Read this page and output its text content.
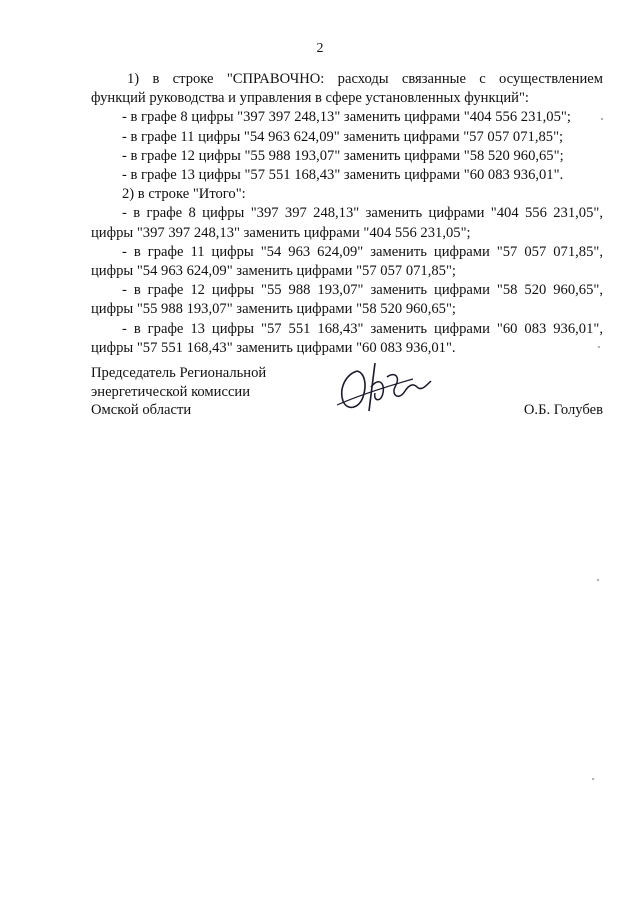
2
1) в строке "СПРАВОЧНО: расходы связанные с осуществлением
функций руководства и управления в сфере установленных функций":
- в графе 8 цифры "397 397 248,13" заменить цифрами "404 556 231,05";
- в графе 11 цифры "54 963 624,09" заменить цифрами "57 057 071,85";
- в графе 12 цифры "55 988 193,07" заменить цифрами "58 520 960,65";
- в графе 13 цифры "57 551 168,43" заменить цифрами "60 083 936,01".
2) в строке "Итого":
- в графе 8 цифры "397 397 248,13" заменить цифрами "404 556 231,05",
цифры "397 397 248,13" заменить цифрами "404 556 231,05";
- в графе 11 цифры "54 963 624,09" заменить цифрами "57 057 071,85",
цифры "54 963 624,09" заменить цифрами "57 057 071,85";
- в графе 12 цифры "55 988 193,07" заменить цифрами "58 520 960,65",
цифры "55 988 193,07" заменить цифрами "58 520 960,65";
- в графе 13 цифры "57 551 168,43" заменить цифрами "60 083 936,01",
цифры "57 551 168,43" заменить цифрами "60 083 936,01".
Председатель Региональной
энергетической комиссии
Омской области	О.Б. Голубев
